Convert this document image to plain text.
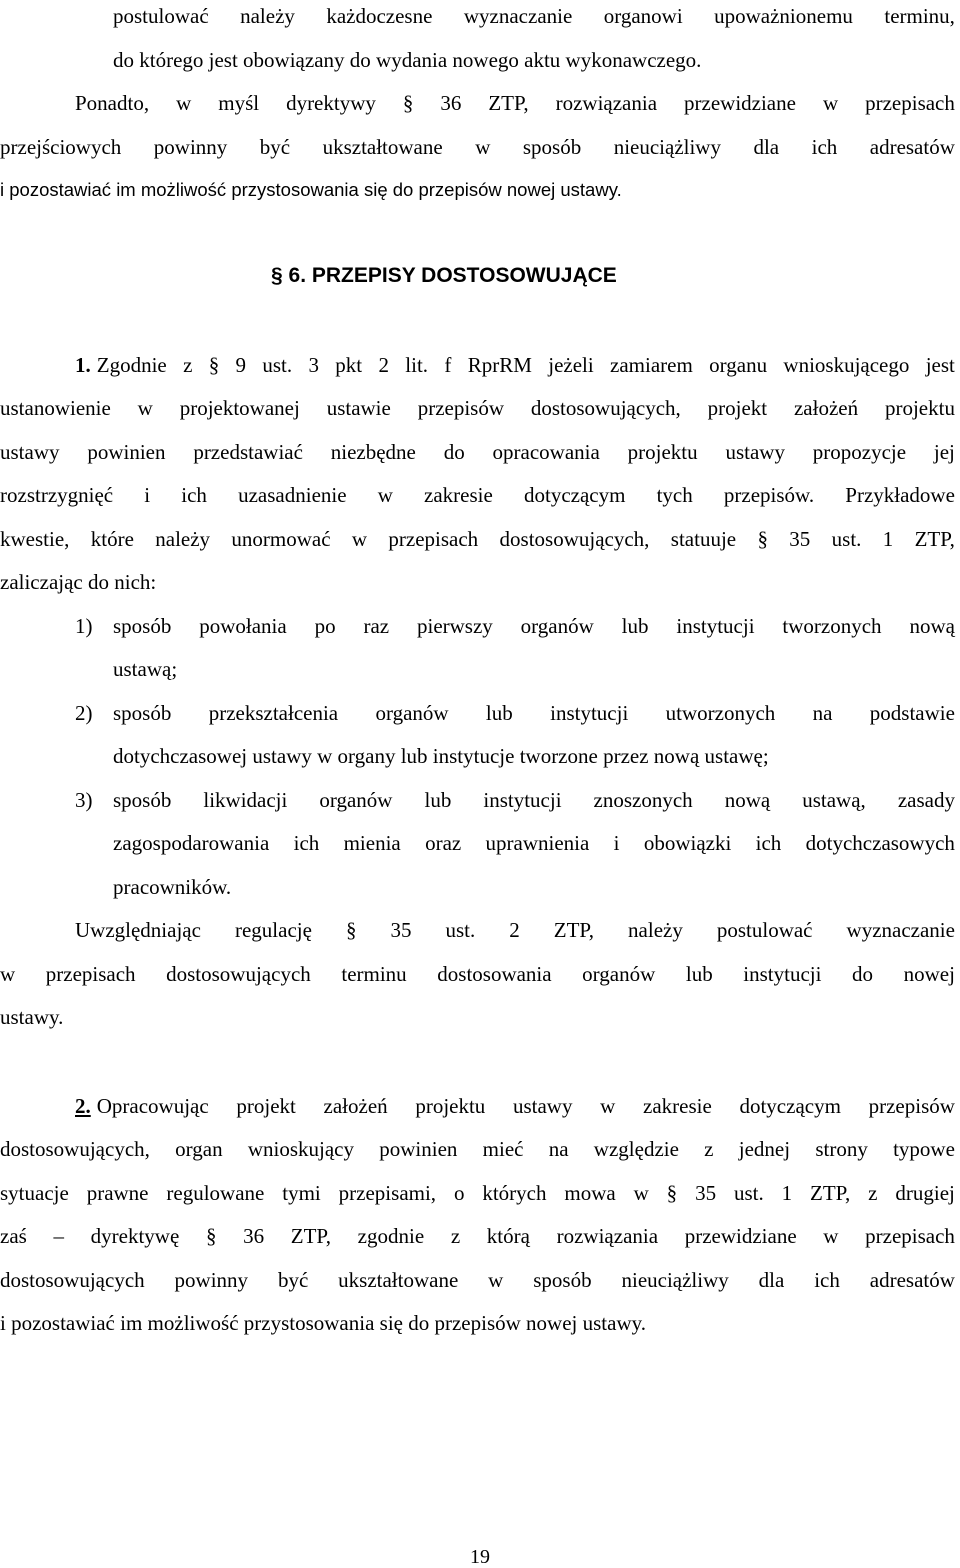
postulować należy każdoczesne wyznaczanie organowi upoważnionemu terminu,
do którego jest obowiązany do wydania nowego aktu wykonawczego.
Ponadto, w myśl dyrektywy § 36 ZTP, rozwiązania przewidziane w przepisach
przejściowych powinny być ukształtowane w sposób nieuciążliwy dla ich adresatów
i pozostawiać im możliwość przystosowania się do przepisów nowej ustawy.
§ 6. PRZEPISY DOSTOSOWUJĄCE
1. Zgodnie z § 9 ust. 3 pkt 2 lit. f RprRM jeżeli zamiarem organu wnioskującego jest
ustanowienie w projektowanej ustawie przepisów dostosowujących, projekt założeń projektu
ustawy powinien przedstawiać niezbędne do opracowania projektu ustawy propozycje jej
rozstrzygnięć i ich uzasadnienie w zakresie dotyczącym tych przepisów. Przykładowe
kwestie, które należy unormować w przepisach dostosowujących, statuuje § 35 ust. 1 ZTP,
zaliczając do nich:
1) sposób powołania po raz pierwszy organów lub instytucji tworzonych nową
ustawą;
2) sposób przekształcenia organów lub instytucji utworzonych na podstawie
dotychczasowej ustawy w organy lub instytucje tworzone przez nową ustawę;
3) sposób likwidacji organów lub instytucji znoszonych nową ustawą, zasady
zagospodarowania ich mienia oraz uprawnienia i obowiązki ich dotychczasowych
pracowników.
Uwzględniając regulację § 35 ust. 2 ZTP, należy postulować wyznaczanie
w przepisach dostosowujących terminu dostosowania organów lub instytucji do nowej
ustawy.
2. Opracowując projekt założeń projektu ustawy w zakresie dotyczącym przepisów
dostosowujących, organ wnioskujący powinien mieć na względzie z jednej strony typowe
sytuacje prawne regulowane tymi przepisami, o których mowa w § 35 ust. 1 ZTP, z drugiej
zaś – dyrektywę § 36 ZTP, zgodnie z którą rozwiązania przewidziane w przepisach
dostosowujących powinny być ukształtowane w sposób nieuciążliwy dla ich adresatów
i pozostawiać im możliwość przystosowania się do przepisów nowej ustawy.
19
